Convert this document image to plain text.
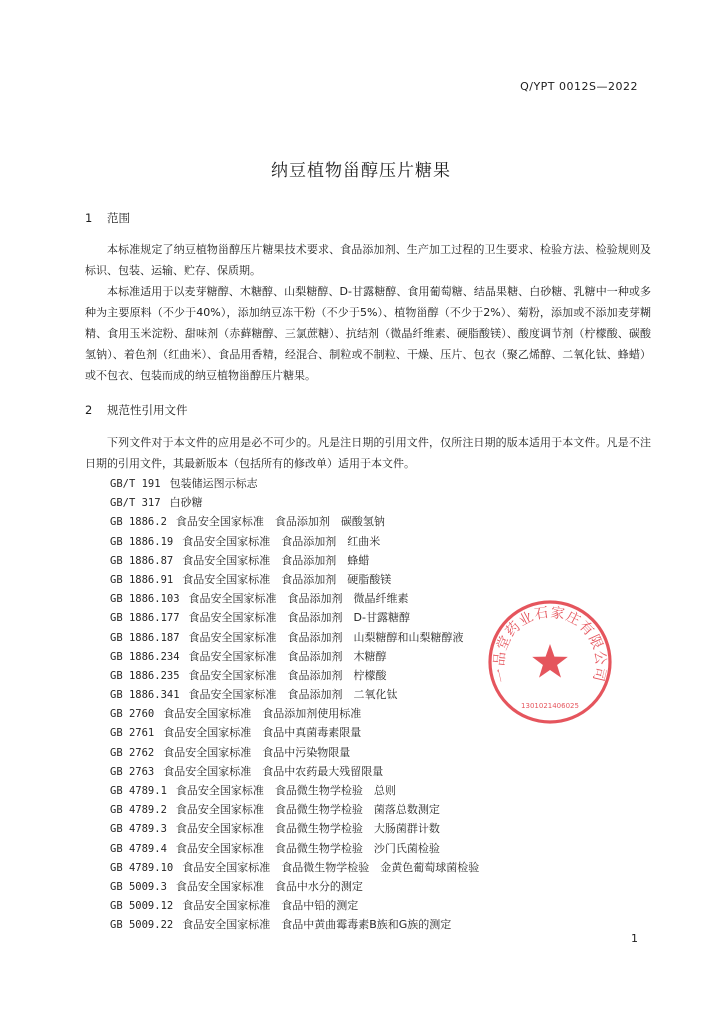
Q/YPT 0012S—2022
纳豆植物甾醇压片糖果
1 范围

本标准规定了纳豆植物甾醇压片糖果技术要求、食品添加剂、生产加工过程的卫生要求、检验方法、检验规则及标识、包装、运输、贮存、保质期。

本标准适用于以麦芽糖醇、木糖醇、山梨糖醇、D-甘露糖醇、食用葡萄糖、结晶果糖、白砂糖、乳糖中一种或多种为主要原料（不少于40%），添加纳豆冻干粉（不少于5%）、植物甾醇（不少于2%）、菊粉，添加或不添加麦芽糊精、食用玉米淀粉、甜味剂（赤藓糖醇、三氯蔗糖）、抗结剂（微晶纤维素、硬脂酸镁）、酸度调节剂（柠檬酸、碳酸氢钠）、着色剂（红曲米）、食品用香精，经混合、制粒或不制粒、干燥、压片、包衣（聚乙烯醇、二氧化钛、蜂蜡）或不包衣、包装而成的纳豆植物甾醇压片糖果。

2 规范性引用文件

下列文件对于本文件的应用是必不可少的。凡是注日期的引用文件，仅所注日期的版本适用于本文件。凡是不注日期的引用文件，其最新版本（包括所有的修改单）适用于本文件。

GB/T 191 包装储运图示标志
GB/T 317 白砂糖
GB 1886.2 食品安全国家标准　食品添加剂　碳酸氢钠
GB 1886.19 食品安全国家标准　食品添加剂　红曲米
GB 1886.87 食品安全国家标准　食品添加剂　蜂蜡
GB 1886.91 食品安全国家标准　食品添加剂　硬脂酸镁
GB 1886.103 食品安全国家标准　食品添加剂　微晶纤维素
GB 1886.177 食品安全国家标准　食品添加剂　D-甘露糖醇
GB 1886.187 食品安全国家标准　食品添加剂　山梨糖醇和山梨糖醇液
GB 1886.234 食品安全国家标准　食品添加剂　木糖醇
GB 1886.235 食品安全国家标准　食品添加剂　柠檬酸
GB 1886.341 食品安全国家标准　食品添加剂　二氧化钛
GB 2760 食品安全国家标准　食品添加剂使用标准
GB 2761 食品安全国家标准　食品中真菌毒素限量
GB 2762 食品安全国家标准　食品中污染物限量
GB 2763 食品安全国家标准　食品中农药最大残留限量
GB 4789.1 食品安全国家标准　食品微生物学检验　总则
GB 4789.2 食品安全国家标准　食品微生物学检验　菌落总数测定
GB 4789.3 食品安全国家标准　食品微生物学检验　大肠菌群计数
GB 4789.4 食品安全国家标准　食品微生物学检验　沙门氏菌检验
GB 4789.10 食品安全国家标准　食品微生物学检验　金黄色葡萄球菌检验
GB 5009.3 食品安全国家标准　食品中水分的测定
GB 5009.12 食品安全国家标准　食品中铅的测定
GB 5009.22 食品安全国家标准　食品中黄曲霉毒素B族和G族的测定
一品堂药业石家庄有限公司
1301021406025
1
